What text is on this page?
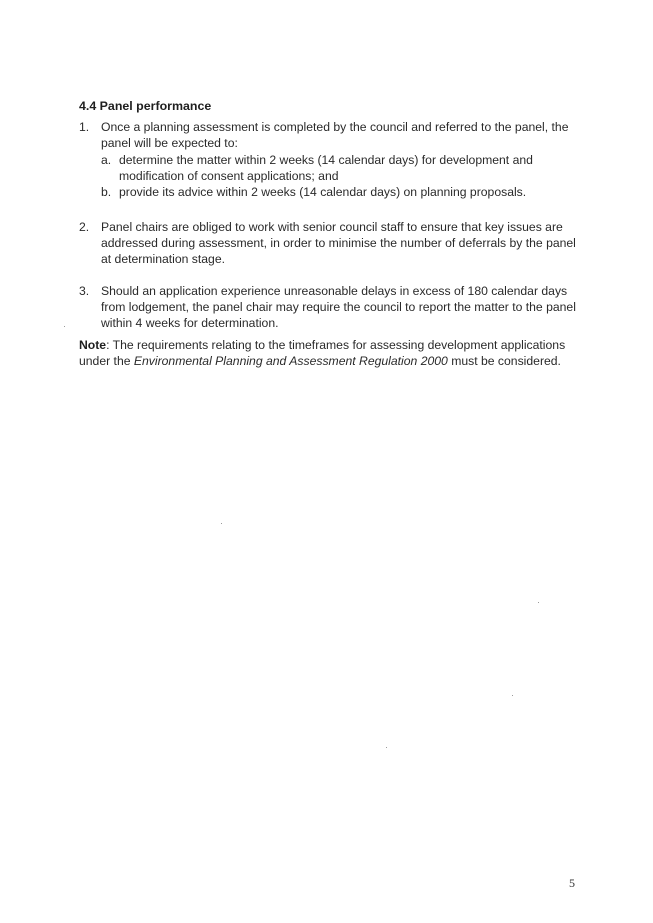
4.4 Panel performance
1. Once a planning assessment is completed by the council and referred to the panel, the panel will be expected to:
a. determine the matter within 2 weeks (14 calendar days) for development and modification of consent applications; and
b. provide its advice within 2 weeks (14 calendar days) on planning proposals.
2. Panel chairs are obliged to work with senior council staff to ensure that key issues are addressed during assessment, in order to minimise the number of deferrals by the panel at determination stage.
3. Should an application experience unreasonable delays in excess of 180 calendar days from lodgement, the panel chair may require the council to report the matter to the panel within 4 weeks for determination.
Note: The requirements relating to the timeframes for assessing development applications under the Environmental Planning and Assessment Regulation 2000 must be considered.
5
